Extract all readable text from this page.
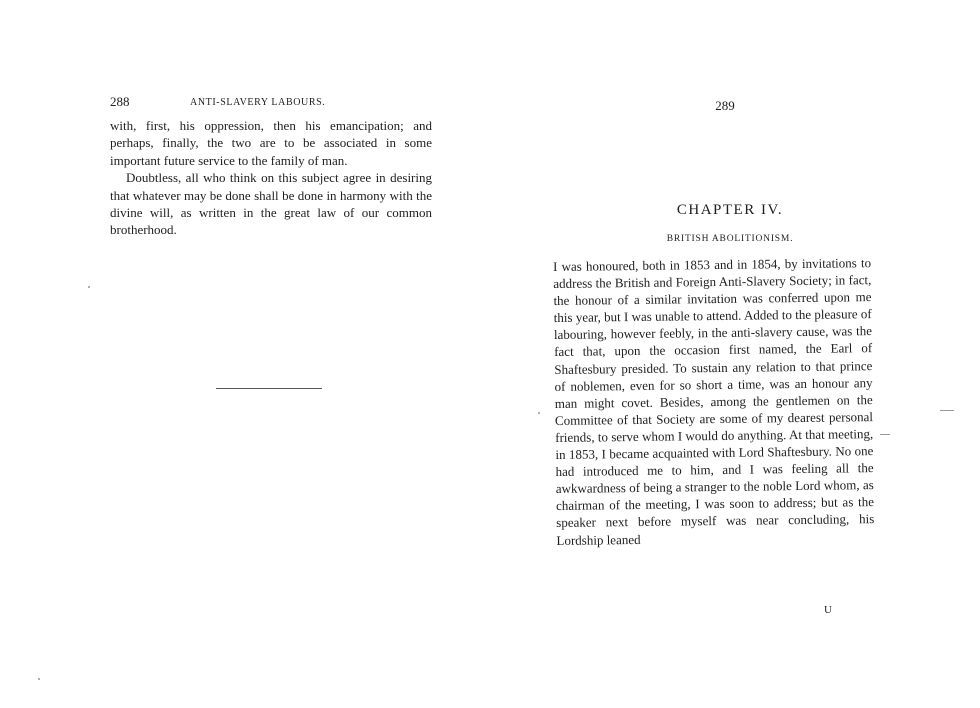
288	ANTI-SLAVERY LABOURS.

with, first, his oppression, then his emancipation; and perhaps, finally, the two are to be associated in some important future service to the family of man.

Doubtless, all who think on this subject agree in desiring that whatever may be done shall be done in harmony with the divine will, as written in the great law of our common brotherhood.

289
CHAPTER IV.
BRITISH ABOLITIONISM.

I was honoured, both in 1853 and in 1854, by invitations to address the British and Foreign Anti-Slavery Society; in fact, the honour of a similar invitation was conferred upon me this year, but I was unable to attend. Added to the pleasure of labouring, however feebly, in the anti-slavery cause, was the fact that, upon the occasion first named, the Earl of Shaftesbury presided. To sustain any relation to that prince of noblemen, even for so short a time, was an honour any man might covet. Besides, among the gentlemen on the Committee of that Society are some of my dearest personal friends, to serve whom I would do anything. At that meeting, in 1853, I became acquainted with Lord Shaftesbury. No one had introduced me to him, and I was feeling all the awkwardness of being a stranger to the noble Lord whom, as chairman of the meeting, I was soon to address; but as the speaker next before myself was near concluding, his Lordship leaned

U
